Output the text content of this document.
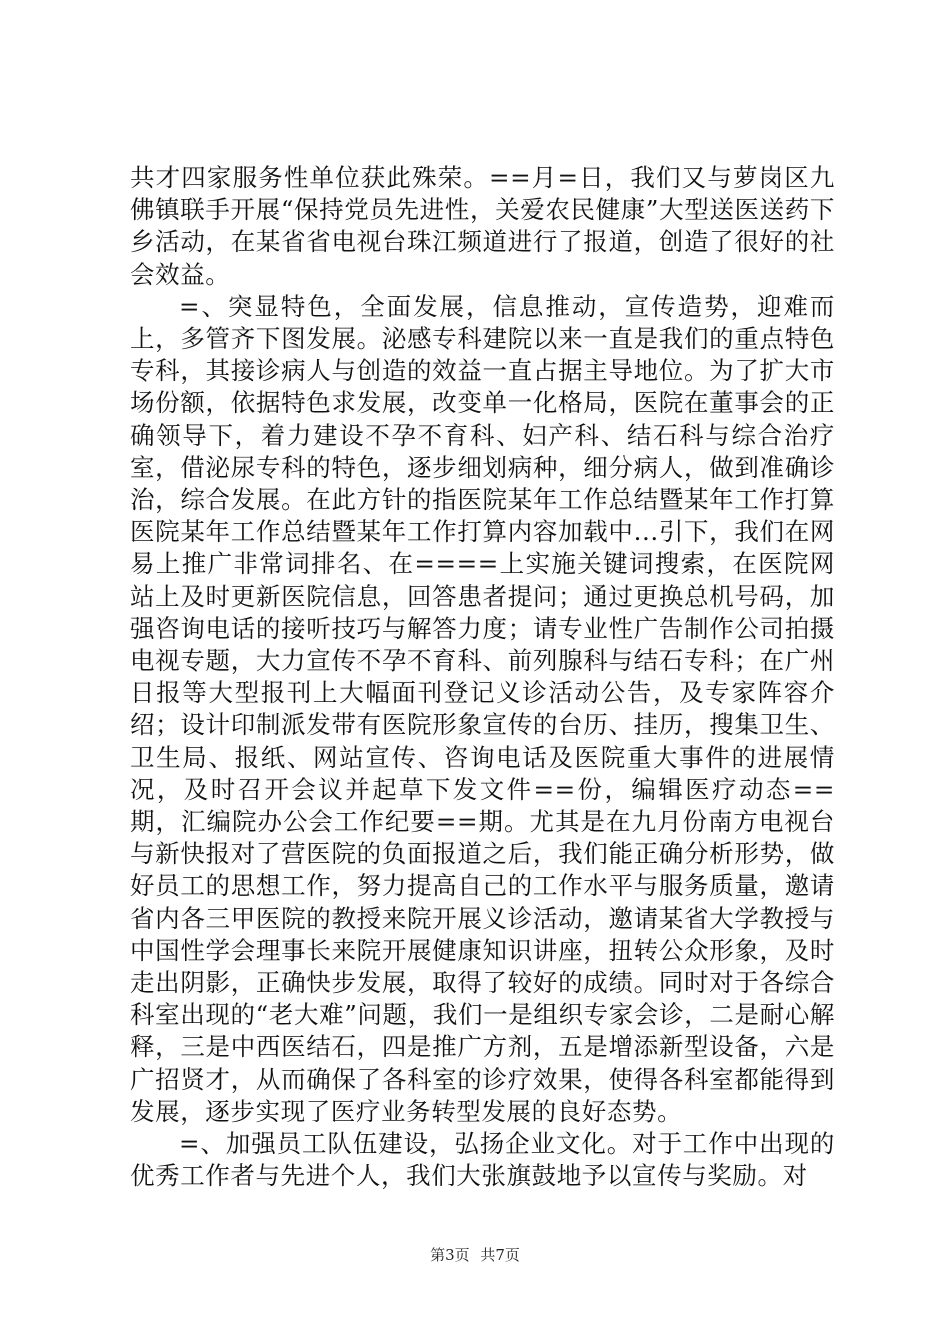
共才四家服务性单位获此殊荣。==月=日，我们又与萝岗区九佛镇联手开展“保持党员先进性，关爱农民健康”大型送医送药下乡活动，在某省省电视台珠江频道进行了报道，创造了很好的社会效益。

=、突显特色，全面发展，信息推动，宣传造势，迎难而上，多管齐下图发展。泌感专科建院以来一直是我们的重点特色专科，其接诊病人与创造的效益一直占据主导地位。为了扩大市场份额，依据特色求发展，改变单一化格局，医院在董事会的正确领导下，着力建设不孕不育科、妇产科、结石科与综合治疗室，借泌尿专科的特色，逐步细划病种，细分病人，做到准确诊治，综合发展。在此方针的指医院某年工作总结暨某年工作打算医院某年工作总结暨某年工作打算内容加载中...引下，我们在网易上推广非常词排名、在====上实施关键词搜索，在医院网站上及时更新医院信息，回答患者提问；通过更换总机号码，加强咨询电话的接听技巧与解答力度；请专业性广告制作公司拍摄电视专题，大力宣传不孕不育科、前列腺科与结石专科；在广州日报等大型报刊上大幅面刊登记义诊活动公告，及专家阵容介绍；设计印制派发带有医院形象宣传的台历、挂历，搜集卫生、卫生局、报纸、网站宣传、咨询电话及医院重大事件的进展情况，及时召开会议并起草下发文件==份，编辑医疗动态==期，汇编院办公会工作纪要==期。尤其是在九月份南方电视台与新快报对了营医院的负面报道之后，我们能正确分析形势，做好员工的思想工作，努力提高自己的工作水平与服务质量，邀请省内各三甲医院的教授来院开展义诊活动，邀请某省大学教授与中国性学会理事长来院开展健康知识讲座，扭转公众形象，及时走出阴影，正确快步发展，取得了较好的成绩。同时对于各综合科室出现的“老大难”问题，我们一是组织专家会诊，二是耐心解释，三是中西医结石，四是推广方剂，五是增添新型设备，六是广招贤才，从而确保了各科室的诊疗效果，使得各科室都能得到发展，逐步实现了医疗业务转型发展的良好态势。

=、加强员工队伍建设，弘扬企业文化。对于工作中出现的优秀工作者与先进个人，我们大张旗鼓地予以宣传与奖励。对

第3页 共7页
